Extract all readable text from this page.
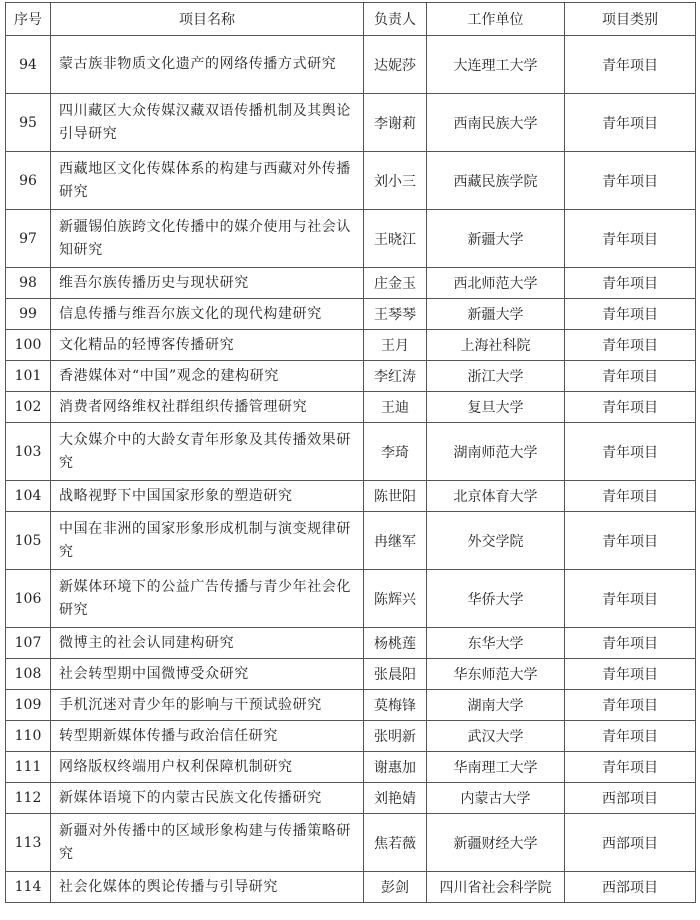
序号	项目名称	负责人	工作单位	项目类别
94	蒙古族非物质文化遗产的网络传播方式研究	达妮莎	大连理工大学	青年项目
95	四川藏区大众传媒汉藏双语传播机制及其舆论引导研究	李谢莉	西南民族大学	青年项目
96	西藏地区文化传媒体系的构建与西藏对外传播研究	刘小三	西藏民族学院	青年项目
97	新疆锡伯族跨文化传播中的媒介使用与社会认知研究	王晓江	新疆大学	青年项目
98	维吾尔族传播历史与现状研究	庄金玉	西北师范大学	青年项目
99	信息传播与维吾尔族文化的现代构建研究	王琴琴	新疆大学	青年项目
100	文化精品的轻博客传播研究	王月	上海社科院	青年项目
101	香港媒体对“中国”观念的建构研究	李红涛	浙江大学	青年项目
102	消费者网络维权社群组织传播管理研究	王迪	复旦大学	青年项目
103	大众媒介中的大龄女青年形象及其传播效果研究	李琦	湖南师范大学	青年项目
104	战略视野下中国国家形象的塑造研究	陈世阳	北京体育大学	青年项目
105	中国在非洲的国家形象形成机制与演变规律研究	冉继军	外交学院	青年项目
106	新媒体环境下的公益广告传播与青少年社会化研究	陈辉兴	华侨大学	青年项目
107	微博主的社会认同建构研究	杨桃莲	东华大学	青年项目
108	社会转型期中国微博受众研究	张晨阳	华东师范大学	青年项目
109	手机沉迷对青少年的影响与干预试验研究	莫梅锋	湖南大学	青年项目
110	转型期新媒体传播与政治信任研究	张明新	武汉大学	青年项目
111	网络版权终端用户权利保障机制研究	谢惠加	华南理工大学	青年项目
112	新媒体语境下的内蒙古民族文化传播研究	刘艳婧	内蒙古大学	西部项目
113	新疆对外传播中的区域形象构建与传播策略研究	焦若薇	新疆财经大学	西部项目
114	社会化媒体的舆论传播与引导研究	彭剑	四川省社会科学院	西部项目
